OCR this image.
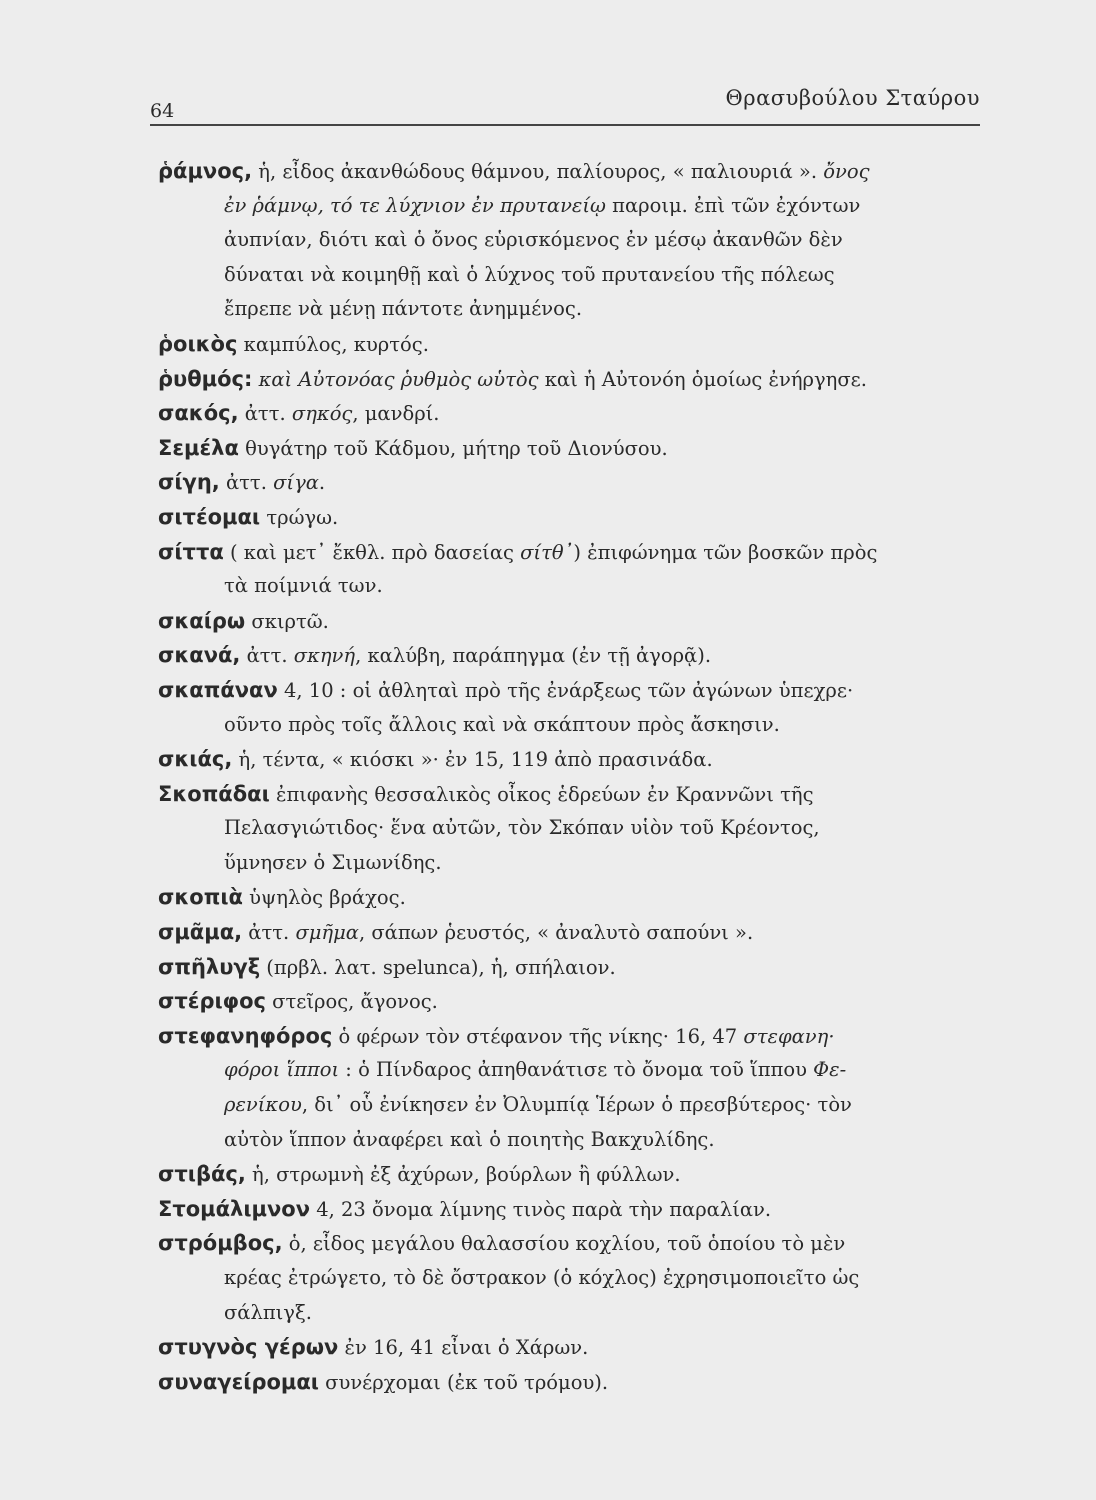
64
Θρασυβούλου Σταύρου
ῥάμνος, ἡ, εἶδος ἀκανθώδους θάμνου, παλίουρος, « παλιουριά ». ὄνος
ἐν ῥάμνῳ, τό τε λύχνιον ἐν πρυτανείῳ παροιμ. ἐπὶ τῶν ἐχόντων
ἀυπνίαν, διότι καὶ ὁ ὄνος εὑρισκόμενος ἐν μέσῳ ἀκανθῶν δὲν
δύναται νὰ κοιμηθῇ καὶ ὁ λύχνος τοῦ πρυτανείου τῆς πόλεως
ἔπρεπε νὰ μένῃ πάντοτε ἀνημμένος.
ῥοικὸς καμπύλος, κυρτός.
ῥυθμός: καὶ Αὐτονόας ῥυθμὸς ωὑτὸς καὶ ἡ Αὐτονόη ὁμοίως ἐνήργησε.
σακός, ἀττ. σηκός, μανδρί.
Σεμέλα θυγάτηρ τοῦ Κάδμου, μήτηρ τοῦ Διονύσου.
σίγη, ἀττ. σίγα.
σιτέομαι τρώγω.
σίττα ( καὶ μετ᾽ ἔκθλ. πρὸ δασείας σίτθ᾽) ἐπιφώνημα τῶν βοσκῶν πρὸς
τὰ ποίμνιά των.
σκαίρω σκιρτῶ.
σκανά, ἀττ. σκηνή, καλύβη, παράπηγμα (ἐν τῇ ἀγορᾷ).
σκαπάναν 4, 10 : οἱ ἀθληταὶ πρὸ τῆς ἐνάρξεως τῶν ἀγώνων ὑπεχρε·
οῦντο πρὸς τοῖς ἄλλοις καὶ νὰ σκάπτουν πρὸς ἄσκησιν.
σκιάς, ἡ, τέντα, « κιόσκι »· ἐν 15, 119 ἀπὸ πρασινάδα.
Σκοπάδαι ἐπιφανὴς θεσσαλικὸς οἶκος ἑδρεύων ἐν Κραννῶνι τῆς
Πελασγιώτιδος· ἕνα αὐτῶν, τὸν Σκόπαν υἱὸν τοῦ Κρέοντος,
ὕμνησεν ὁ Σιμωνίδης.
σκοπιὰ ὑψηλὸς βράχος.
σμᾶμα, ἀττ. σμῆμα, σάπων ῥευστός, « ἀναλυτὸ σαπούνι ».
σπῆλυγξ (πρβλ. λατ. spelunca), ἡ, σπήλαιον.
στέριφος στεῖρος, ἄγονος.
στεφανηφόρος ὁ φέρων τὸν στέφανον τῆς νίκης· 16, 47 στεφανη·
φόροι ἵπποι : ὁ Πίνδαρος ἀπηθανάτισε τὸ ὄνομα τοῦ ἵππου Φε-
ρενίκου, δι᾽ οὗ ἐνίκησεν ἐν Ὀλυμπίᾳ Ἱέρων ὁ πρεσβύτερος· τὸν
αὐτὸν ἵππον ἀναφέρει καὶ ὁ ποιητὴς Βακχυλίδης.
στιβάς, ἡ, στρωμνὴ ἐξ ἀχύρων, βούρλων ἢ φύλλων.
Στομάλιμνον 4, 23 ὄνομα λίμνης τινὸς παρὰ τὴν παραλίαν.
στρόμβος, ὁ, εἶδος μεγάλου θαλασσίου κοχλίου, τοῦ ὁποίου τὸ μὲν
κρέας ἐτρώγετο, τὸ δὲ ὄστρακον (ὁ κόχλος) ἐχρησιμοποιεῖτο ὡς
σάλπιγξ.
στυγνὸς γέρων ἐν 16, 41 εἶναι ὁ Χάρων.
συναγείρομαι συνέρχομαι (ἐκ τοῦ τρόμου).
